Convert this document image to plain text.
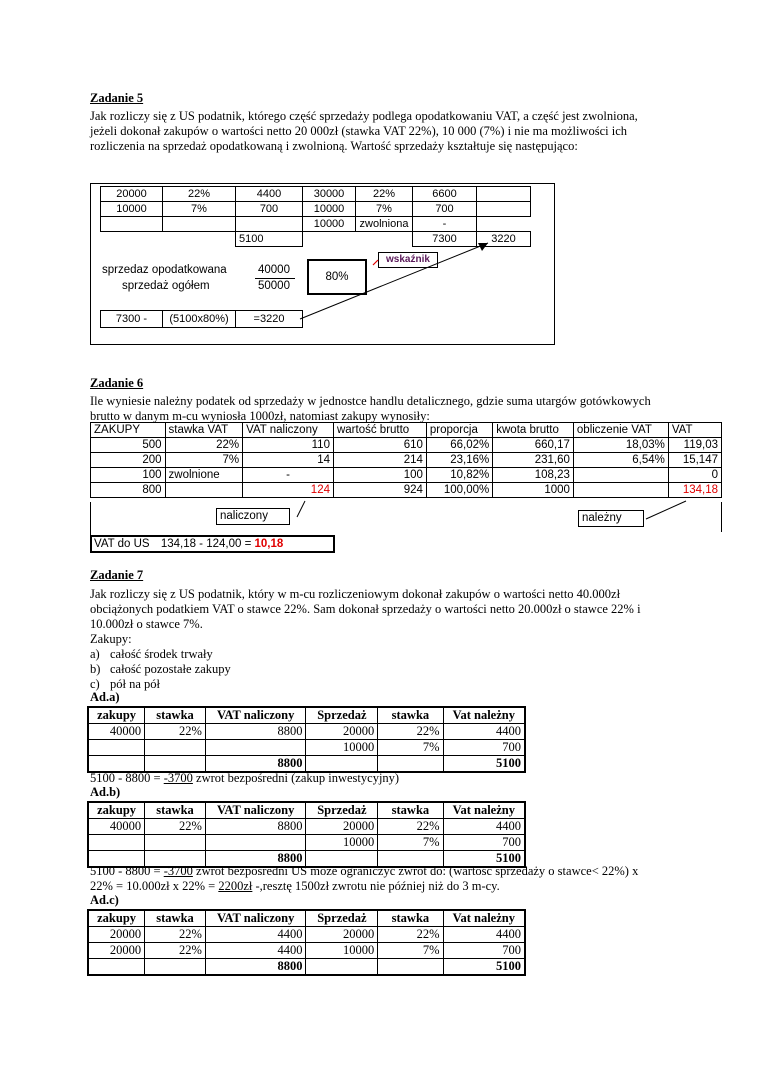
Zadanie 5
Jak rozliczy się z US podatnik, którego część sprzedaży podlega opodatkowaniu VAT, a część jest zwolniona,
jeżeli dokonał zakupów o wartości netto 20 000zł (stawka VAT 22%), 10 000 (7%) i nie ma możliwości ich
rozliczenia na sprzedaż opodatkowaną i zwolnioną. Wartość sprzedaży kształtuje się następująco:
20000	22%	4400	30000	22%	6600	
10000	7%	700	10000	7%	700	
			10000	zwolniona	-	
		5100			7300	3220
sprzedaz opodatkowana	40000
sprzedaż ogółem	50000
80%
wskaźnik
7300 -	(5100x80%)	=3220
Zadanie 6
Ile wyniesie należny podatek od sprzedaży w jednostce handlu detalicznego, gdzie suma utargów gotówkowych
brutto w danym m-cu wyniosła 1000zł, natomiast zakupy wynosiły:
ZAKUPY	stawka VAT	VAT naliczony	wartość brutto	proporcja	kwota brutto	obliczenie VAT	VAT
500	22%	110	610	66,02%	660,17	18,03%	119,03
200	7%	14	214	23,16%	231,60	6,54%	15,147
100	zwolnione	-	100	10,82%	108,23		0
800		124	924	100,00%	1000		134,18
naliczony	należny
VAT do US 134,18 - 124,00 = 10,18
Zadanie 7
Jak rozliczy się z US podatnik, który w m-cu rozliczeniowym dokonał zakupów o wartości netto 40.000zł
obciążonych podatkiem VAT o stawce 22%. Sam dokonał sprzedaży o wartości netto 20.000zł o stawce 22% i
10.000zł o stawce 7%.
Zakupy:
a) całość środek trwały
b) całość pozostałe zakupy
c) pół na pół
Ad.a)
zakupy	stawka	VAT naliczony	Sprzedaż	stawka	Vat należny
40000	22%	8800	20000	22%	4400
			10000	7%	700
		8800			5100
5100 - 8800 = -3700 zwrot bezpośredni (zakup inwestycyjny)
Ad.b)
zakupy	stawka	VAT naliczony	Sprzedaż	stawka	Vat należny
40000	22%	8800	20000	22%	4400
			10000	7%	700
		8800			5100
5100 - 8800 = -3700 zwrot bezpośredni US może ograniczyć zwrot do: (wartość sprzedaży o stawce< 22%) x
22% = 10.000zł x 22% = 2200zł -,resztę 1500zł zwrotu nie później niż do 3 m-cy.
Ad.c)
zakupy	stawka	VAT naliczony	Sprzedaż	stawka	Vat należny
20000	22%	4400	20000	22%	4400
20000	22%	4400	10000	7%	700
		8800			5100
